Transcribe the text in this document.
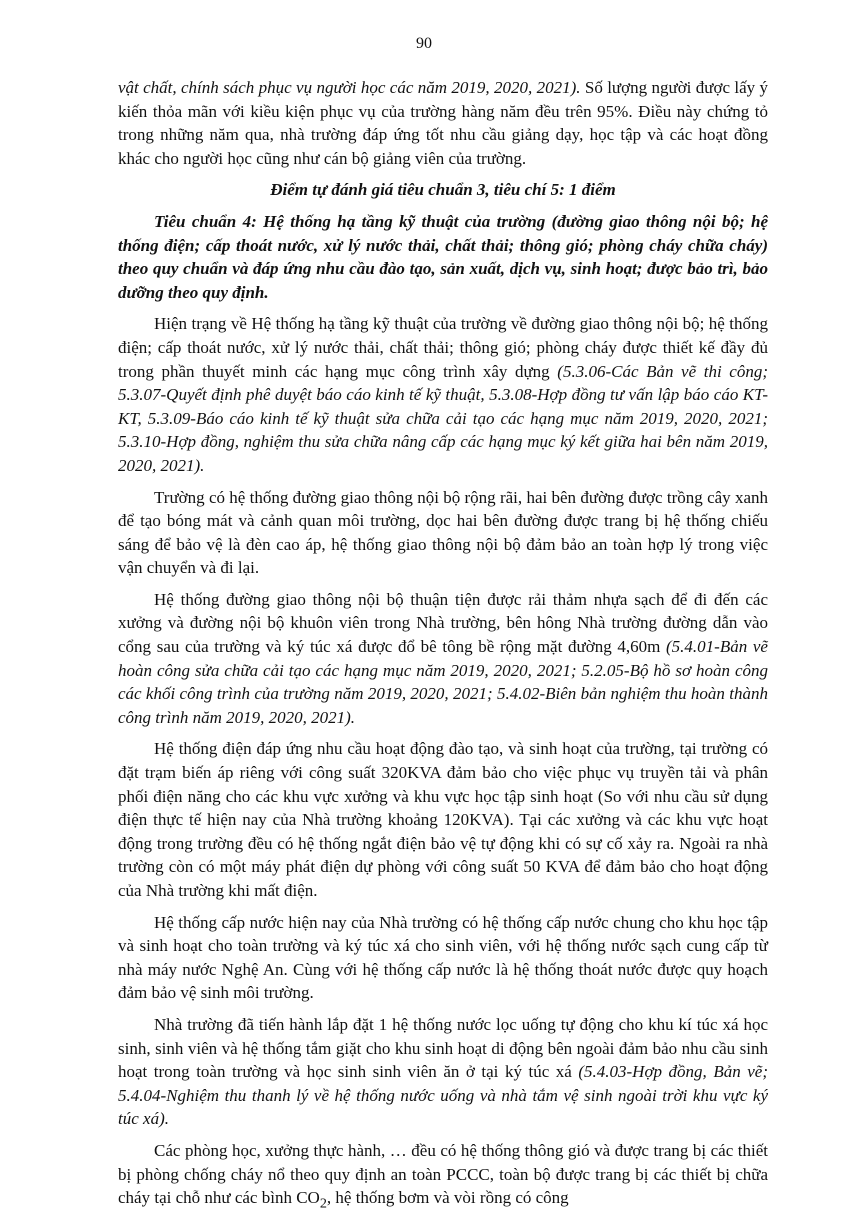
90

vật chất, chính sách phục vụ người học các năm 2019, 2020, 2021). Số lượng người được lấy ý kiến thỏa mãn với kiều kiện phục vụ của trường hàng năm đều trên 95%. Điều này chứng tỏ trong những năm qua, nhà trường đáp ứng tốt nhu cầu giảng dạy, học tập và các hoạt đồng khác cho người học cũng như cán bộ giảng viên của trường.

Điểm tự đánh giá tiêu chuẩn 3, tiêu chí 5: 1 điểm

Tiêu chuẩn 4: Hệ thống hạ tầng kỹ thuật của trường (đường giao thông nội bộ; hệ thống điện; cấp thoát nước, xử lý nước thải, chất thải; thông gió; phòng cháy chữa cháy) theo quy chuẩn và đáp ứng nhu cầu đào tạo, sản xuất, dịch vụ, sinh hoạt; được bảo trì, bảo dưỡng theo quy định.

Hiện trạng về Hệ thống hạ tầng kỹ thuật của trường về đường giao thông nội bộ; hệ thống điện; cấp thoát nước, xử lý nước thải, chất thải; thông gió; phòng cháy được thiết kế đầy đủ trong phần thuyết minh các hạng mục công trình xây dựng (5.3.06-Các Bản vẽ thi công; 5.3.07-Quyết định phê duyệt báo cáo kinh tế kỹ thuật, 5.3.08-Hợp đồng tư vấn lập báo cáo KT-KT, 5.3.09-Báo cáo kinh tế kỹ thuật sửa chữa cải tạo các hạng mục năm 2019, 2020, 2021; 5.3.10-Hợp đồng, nghiệm thu sửa chữa nâng cấp các hạng mục ký kết giữa hai bên năm 2019, 2020, 2021).

Trường có hệ thống đường giao thông nội bộ rộng rãi, hai bên đường được trồng cây xanh để tạo bóng mát và cảnh quan môi trường, dọc hai bên đường được trang bị hệ thống chiếu sáng để bảo vệ là đèn cao áp, hệ thống giao thông nội bộ đảm bảo an toàn hợp lý trong việc vận chuyển và đi lại.

Hệ thống đường giao thông nội bộ thuận tiện được rải thảm nhựa sạch để đi đến các xưởng và đường nội bộ khuôn viên trong Nhà trường, bên hông Nhà trường đường dẫn vào cổng sau của trường và ký túc xá được đổ bê tông bề rộng mặt đường 4,60m (5.4.01-Bản vẽ hoàn công sửa chữa cải tạo các hạng mục năm 2019, 2020, 2021; 5.2.05-Bộ hồ sơ hoàn công các khối công trình của trường năm 2019, 2020, 2021; 5.4.02-Biên bản nghiệm thu hoàn thành công trình năm 2019, 2020, 2021).

Hệ thống điện đáp ứng nhu cầu hoạt động đào tạo, và sinh hoạt của trường, tại trường có đặt trạm biến áp riêng với công suất 320KVA đảm bảo cho việc phục vụ truyền tải và phân phối điện năng cho các khu vực xưởng và khu vực học tập sinh hoạt (So với nhu cầu sử dụng điện thực tế hiện nay của Nhà trường khoảng 120KVA). Tại các xưởng và các khu vực hoạt động trong trường đều có hệ thống ngắt điện bảo vệ tự động khi có sự cố xảy ra. Ngoài ra nhà trường còn có một máy phát điện dự phòng với công suất 50 KVA để đảm bảo cho hoạt động của Nhà trường khi mất điện.

Hệ thống cấp nước hiện nay của Nhà trường có hệ thống cấp nước chung cho khu học tập và sinh hoạt cho toàn trường và ký túc xá cho sinh viên, với hệ thống nước sạch cung cấp từ nhà máy nước Nghệ An. Cùng với hệ thống cấp nước là hệ thống thoát nước được quy hoạch đảm bảo vệ sinh môi trường.

Nhà trường đã tiến hành lắp đặt 1 hệ thống nước lọc uống tự động cho khu kí túc xá học sinh, sinh viên và hệ thống tắm giặt cho khu sinh hoạt di động bên ngoài đảm bảo nhu cầu sinh hoạt trong toàn trường và học sinh sinh viên ăn ở tại ký túc xá (5.4.03-Hợp đồng, Bản vẽ; 5.4.04-Nghiệm thu thanh lý về hệ thống nước uống và nhà tắm vệ sinh ngoài trời khu vực ký túc xá).

Các phòng học, xưởng thực hành, … đều có hệ thống thông gió và được trang bị các thiết bị phòng chống cháy nổ theo quy định an toàn PCCC, toàn bộ được trang bị các thiết bị chữa cháy tại chỗ như các bình $CO_2$, hệ thống bơm và vòi rồng có công
